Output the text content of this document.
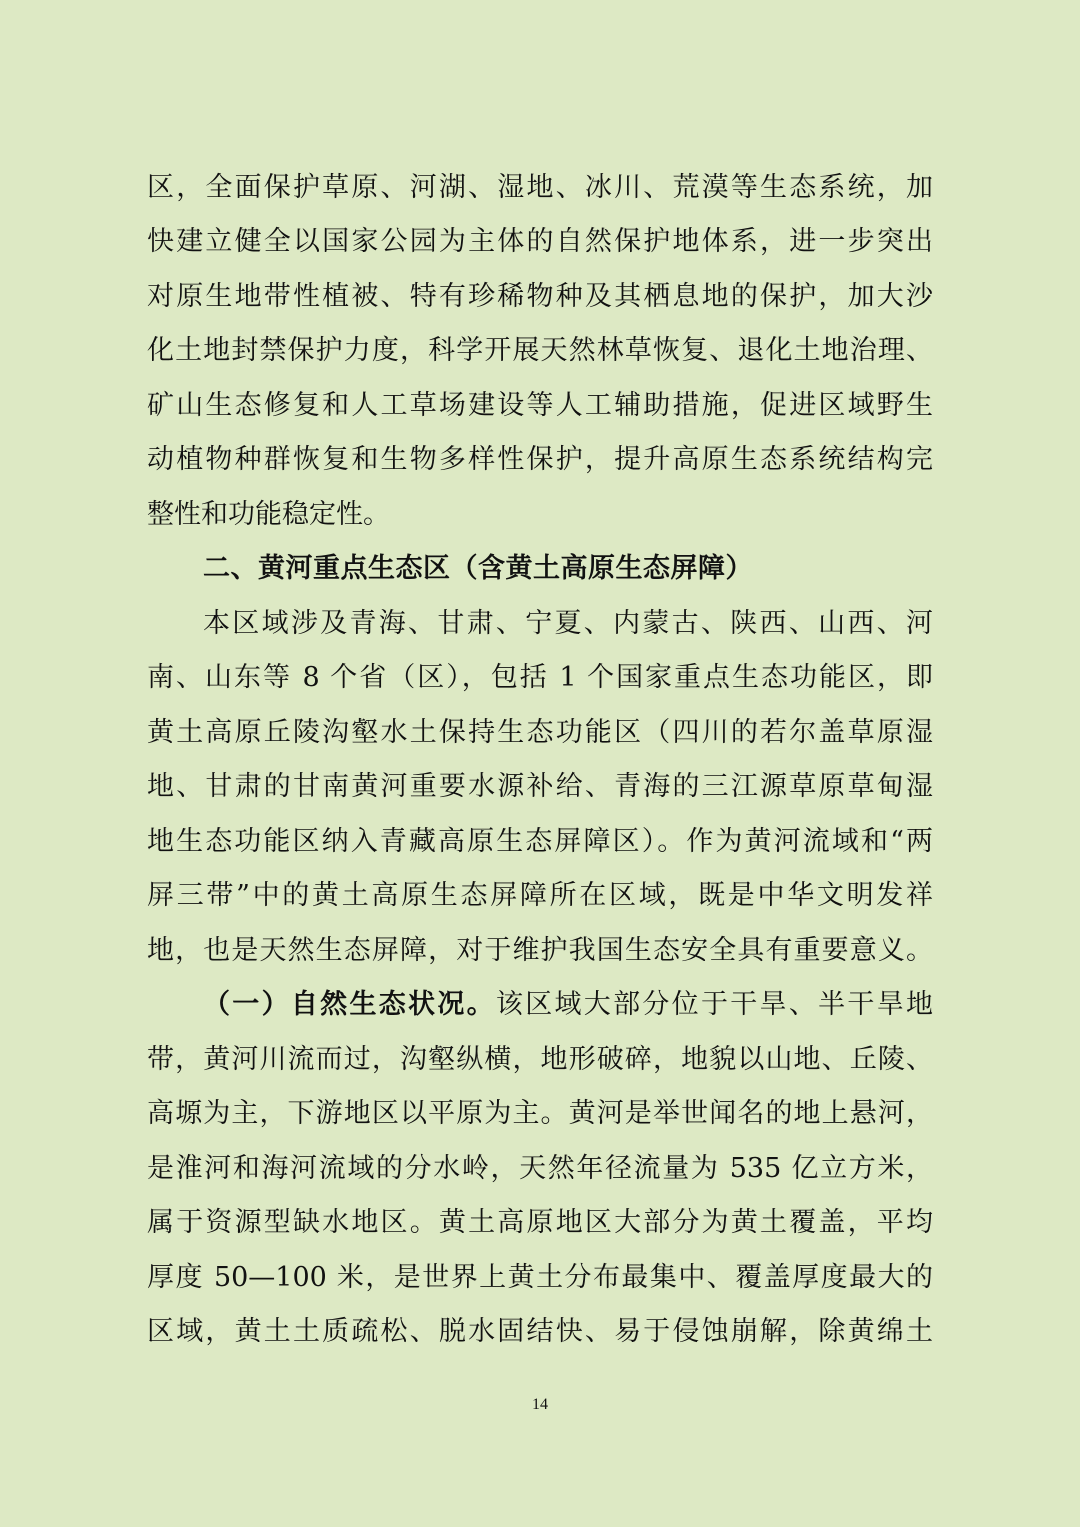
区，全面保护草原、河湖、湿地、冰川、荒漠等生态系统，加
快建立健全以国家公园为主体的自然保护地体系，进一步突出
对原生地带性植被、特有珍稀物种及其栖息地的保护，加大沙
化土地封禁保护力度，科学开展天然林草恢复、退化土地治理、
矿山生态修复和人工草场建设等人工辅助措施，促进区域野生
动植物种群恢复和生物多样性保护，提升高原生态系统结构完
整性和功能稳定性。
二、黄河重点生态区（含黄土高原生态屏障）
本区域涉及青海、甘肃、宁夏、内蒙古、陕西、山西、河
南、山东等 8 个省（区），包括 1 个国家重点生态功能区，即
黄土高原丘陵沟壑水土保持生态功能区（四川的若尔盖草原湿
地、甘肃的甘南黄河重要水源补给、青海的三江源草原草甸湿
地生态功能区纳入青藏高原生态屏障区）。作为黄河流域和“两
屏三带”中的黄土高原生态屏障所在区域，既是中华文明发祥
地，也是天然生态屏障，对于维护我国生态安全具有重要意义。
（一）自然生态状况。该区域大部分位于干旱、半干旱地
带，黄河川流而过，沟壑纵横，地形破碎，地貌以山地、丘陵、
高塬为主，下游地区以平原为主。黄河是举世闻名的地上悬河，
是淮河和海河流域的分水岭，天然年径流量为 535 亿立方米，
属于资源型缺水地区。黄土高原地区大部分为黄土覆盖，平均
厚度 50—100 米，是世界上黄土分布最集中、覆盖厚度最大的
区域，黄土土质疏松、脱水固结快、易于侵蚀崩解，除黄绵土
14
